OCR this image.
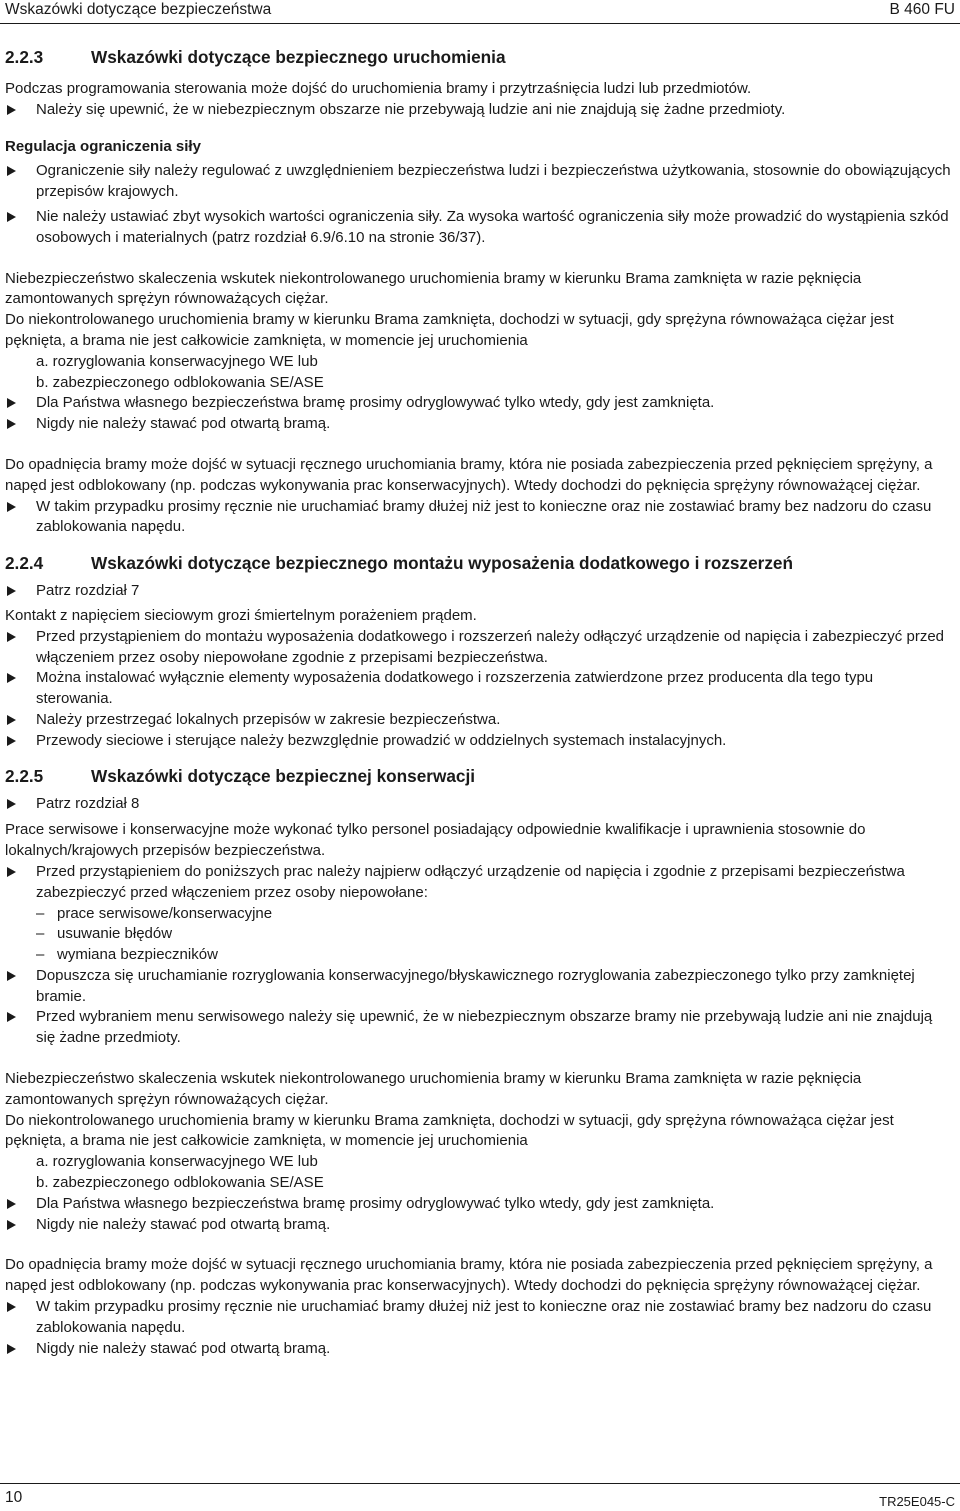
Wskazówki dotyczące bezpieczeństwa	B 460 FU
2.2.3	Wskazówki dotyczące bezpiecznego uruchomienia

Podczas programowania sterowania może dojść do uruchomienia bramy i przytrzaśnięcia ludzi lub przedmiotów.

Należy się upewnić, że w niebezpiecznym obszarze nie przebywają ludzie ani nie znajdują się żadne przedmioty.

Regulacja ograniczenia siły

Ograniczenie siły należy regulować z uwzględnieniem bezpieczeństwa ludzi i bezpieczeństwa użytkowania, stosownie do obowiązujących przepisów krajowych.

Nie należy ustawiać zbyt wysokich wartości ograniczenia siły. Za wysoka wartość ograniczenia siły może prowadzić do wystąpienia szkód osobowych i materialnych (patrz rozdział 6.9/6.10 na stronie 36/37).

Niebezpieczeństwo skaleczenia wskutek niekontrolowanego uruchomienia bramy w kierunku Brama zamknięta w razie pęknięcia zamontowanych sprężyn równoważących ciężar.

Do niekontrolowanego uruchomienia bramy w kierunku Brama zamknięta, dochodzi w sytuacji, gdy sprężyna równoważąca ciężar jest pęknięta, a brama nie jest całkowicie zamknięta, w momencie jej uruchomienia

a. rozryglowania konserwacyjnego WE lub

b. zabezpieczonego odblokowania SE/ASE

Dla Państwa własnego bezpieczeństwa bramę prosimy odryglowywać tylko wtedy, gdy jest zamknięta.

Nigdy nie należy stawać pod otwartą bramą.

Do opadnięcia bramy może dojść w sytuacji ręcznego uruchomiania bramy, która nie posiada zabezpieczenia przed pęknięciem sprężyny, a napęd jest odblokowany (np. podczas wykonywania prac konserwacyjnych). Wtedy dochodzi do pęknięcia sprężyny równoważącej ciężar.

W takim przypadku prosimy ręcznie nie uruchamiać bramy dłużej niż jest to konieczne oraz nie zostawiać bramy bez nadzoru do czasu zablokowania napędu.

2.2.4	Wskazówki dotyczące bezpiecznego montażu wyposażenia dodatkowego i rozszerzeń

Patrz rozdział 7

Kontakt z napięciem sieciowym grozi śmiertelnym porażeniem prądem.

Przed przystąpieniem do montażu wyposażenia dodatkowego i rozszerzeń należy odłączyć urządzenie od napięcia i zabezpieczyć przed włączeniem przez osoby niepowołane zgodnie z przepisami bezpieczeństwa.

Można instalować wyłącznie elementy wyposażenia dodatkowego i rozszerzenia zatwierdzone przez producenta dla tego typu sterowania.

Należy przestrzegać lokalnych przepisów w zakresie bezpieczeństwa.

Przewody sieciowe i sterujące należy bezwzględnie prowadzić w oddzielnych systemach instalacyjnych.

2.2.5	Wskazówki dotyczące bezpiecznej konserwacji

Patrz rozdział 8

Prace serwisowe i konserwacyjne może wykonać tylko personel posiadający odpowiednie kwalifikacje i uprawnienia stosownie do lokalnych/krajowych przepisów bezpieczeństwa.

Przed przystąpieniem do poniższych prac należy najpierw odłączyć urządzenie od napięcia i zgodnie z przepisami bezpieczeństwa zabezpieczyć przed włączeniem przez osoby niepowołane:

– prace serwisowe/konserwacyjne

– usuwanie błędów

– wymiana bezpieczników

Dopuszcza się uruchamianie rozryglowania konserwacyjnego/błyskawicznego rozryglowania zabezpieczonego tylko przy zamkniętej bramie.

Przed wybraniem menu serwisowego należy się upewnić, że w niebezpiecznym obszarze bramy nie przebywają ludzie ani nie znajdują się żadne przedmioty.

Niebezpieczeństwo skaleczenia wskutek niekontrolowanego uruchomienia bramy w kierunku Brama zamknięta w razie pęknięcia zamontowanych sprężyn równoważących ciężar.

Do niekontrolowanego uruchomienia bramy w kierunku Brama zamknięta, dochodzi w sytuacji, gdy sprężyna równoważąca ciężar jest pęknięta, a brama nie jest całkowicie zamknięta, w momencie jej uruchomienia

a. rozryglowania konserwacyjnego WE lub

b. zabezpieczonego odblokowania SE/ASE

Dla Państwa własnego bezpieczeństwa bramę prosimy odryglowywać tylko wtedy, gdy jest zamknięta.

Nigdy nie należy stawać pod otwartą bramą.

Do opadnięcia bramy może dojść w sytuacji ręcznego uruchomiania bramy, która nie posiada zabezpieczenia przed pęknięciem sprężyny, a napęd jest odblokowany (np. podczas wykonywania prac konserwacyjnych). Wtedy dochodzi do pęknięcia sprężyny równoważącej ciężar.

W takim przypadku prosimy ręcznie nie uruchamiać bramy dłużej niż jest to konieczne oraz nie zostawiać bramy bez nadzoru do czasu zablokowania napędu.

Nigdy nie należy stawać pod otwartą bramą.

10	TR25E045-C
